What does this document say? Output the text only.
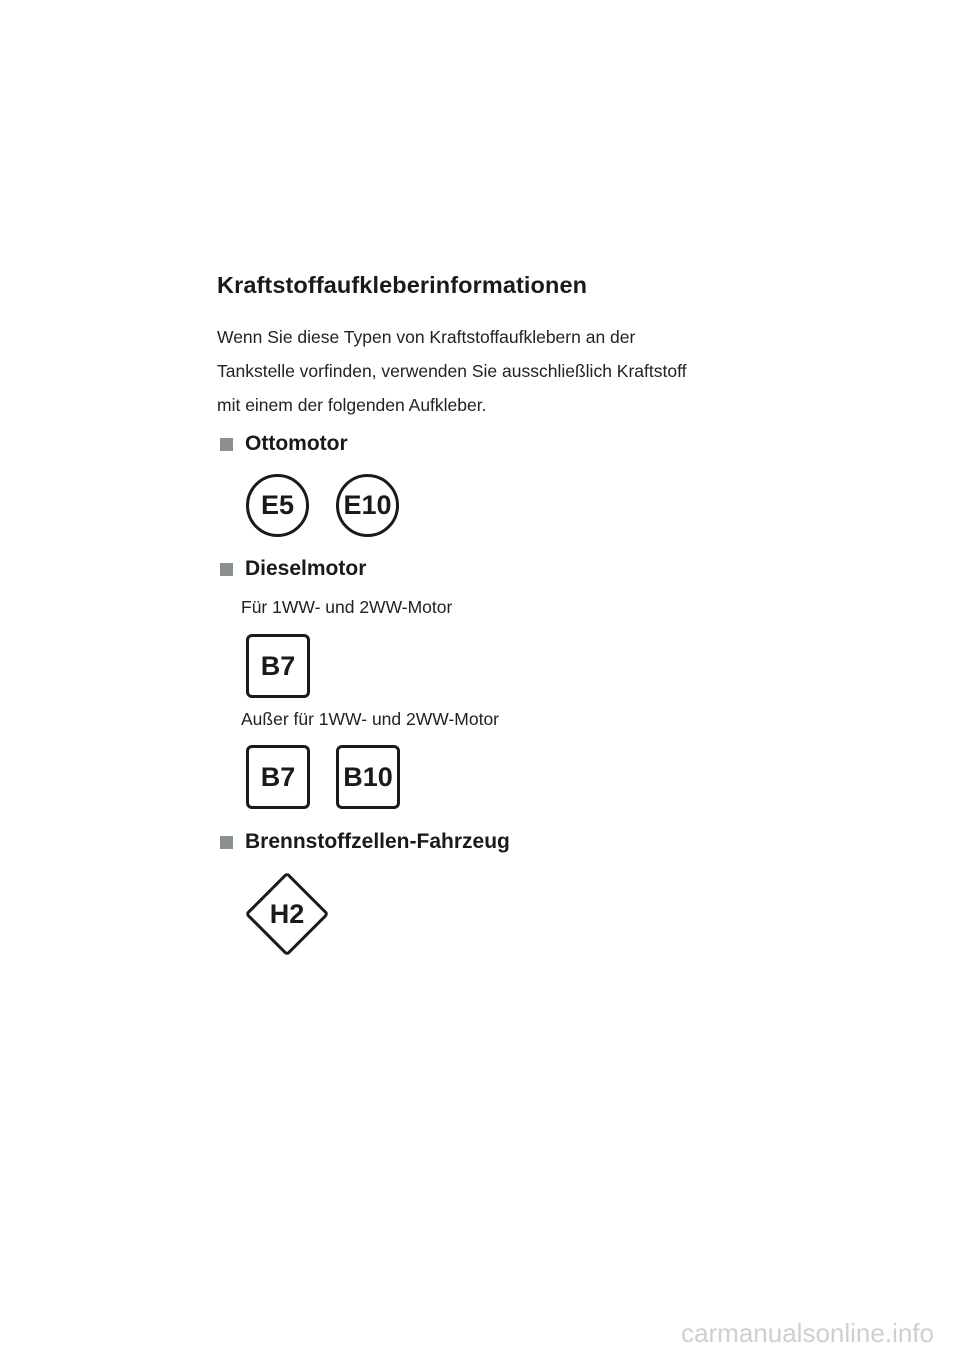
Kraftstoffaufkleberinformationen

Wenn Sie diese Typen von Kraftstoffaufklebern an der
Tankstelle vorfinden, verwenden Sie ausschließlich Kraftstoff
mit einem der folgenden Aufkleber.

Ottomotor
E5	E10
Dieselmotor

Für 1WW- und 2WW-Motor

B7

Außer für 1WW- und 2WW-Motor

B7	B10
Brennstoffzellen-Fahrzeug
H2
carmanualsonline.info
